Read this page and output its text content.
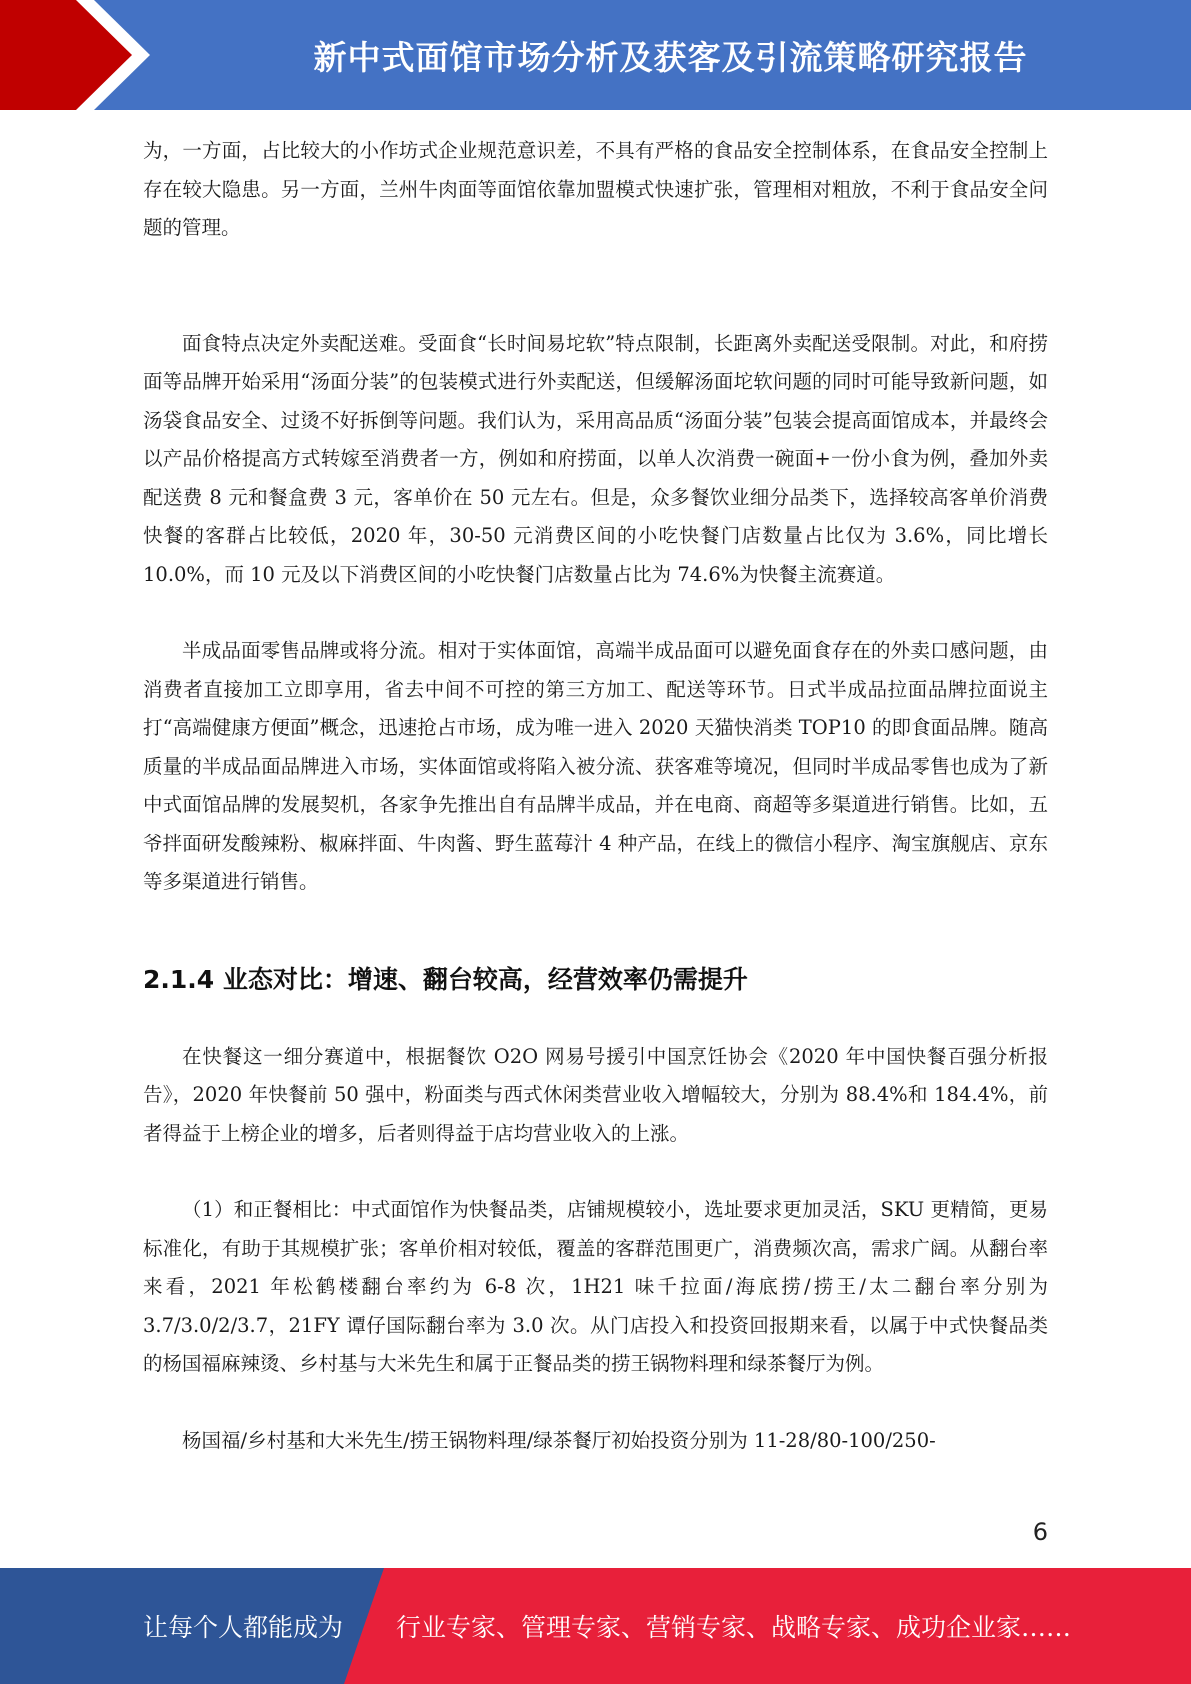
新中式面馆市场分析及获客及引流策略研究报告

为，一方面，占比较大的小作坊式企业规范意识差，不具有严格的食品安全控制体系，在食品安全控制上存在较大隐患。另一方面，兰州牛肉面等面馆依靠加盟模式快速扩张，管理相对粗放，不利于食品安全问题的管理。

面食特点决定外卖配送难。受面食“长时间易坨软”特点限制，长距离外卖配送受限制。对此，和府捞面等品牌开始采用“汤面分装”的包装模式进行外卖配送，但缓解汤面坨软问题的同时可能导致新问题，如汤袋食品安全、过烫不好拆倒等问题。我们认为，采用高品质“汤面分装”包装会提高面馆成本，并最终会以产品价格提高方式转嫁至消费者一方，例如和府捞面，以单人次消费一碗面+一份小食为例，叠加外卖配送费 8 元和餐盒费 3 元，客单价在 50 元左右。但是，众多餐饮业细分品类下，选择较高客单价消费快餐的客群占比较低，2020 年，30-50 元消费区间的小吃快餐门店数量占比仅为 3.6%，同比增长 10.0%，而 10 元及以下消费区间的小吃快餐门店数量占比为 74.6%为快餐主流赛道。

半成品面零售品牌或将分流。相对于实体面馆，高端半成品面可以避免面食存在的外卖口感问题，由消费者直接加工立即享用，省去中间不可控的第三方加工、配送等环节。日式半成品拉面品牌拉面说主打“高端健康方便面”概念，迅速抢占市场，成为唯一进入 2020 天猫快消类 TOP10 的即食面品牌。随高质量的半成品面品牌进入市场，实体面馆或将陷入被分流、获客难等境况，但同时半成品零售也成为了新中式面馆品牌的发展契机，各家争先推出自有品牌半成品，并在电商、商超等多渠道进行销售。比如，五爷拌面研发酸辣粉、椒麻拌面、牛肉酱、野生蓝莓汁 4 种产品，在线上的微信小程序、淘宝旗舰店、京东等多渠道进行销售。

2.1.4 业态对比：增速、翻台较高，经营效率仍需提升

在快餐这一细分赛道中，根据餐饮 O2O 网易号援引中国烹饪协会《2020 年中国快餐百强分析报告》，2020 年快餐前 50 强中，粉面类与西式休闲类营业收入增幅较大，分别为 88.4%和 184.4%，前者得益于上榜企业的增多，后者则得益于店均营业收入的上涨。

（1）和正餐相比：中式面馆作为快餐品类，店铺规模较小，选址要求更加灵活，SKU 更精简，更易标准化，有助于其规模扩张；客单价相对较低，覆盖的客群范围更广，消费频次高，需求广阔。从翻台率来看，2021 年松鹤楼翻台率约为 6-8 次，1H21 味千拉面/海底捞/捞王/太二翻台率分别为 3.7/3.0/2/3.7，21FY 谭仔国际翻台率为 3.0 次。从门店投入和投资回报期来看，以属于中式快餐品类的杨国福麻辣烫、乡村基与大米先生和属于正餐品类的捞王锅物料理和绿茶餐厅为例。

杨国福/乡村基和大米先生/捞王锅物料理/绿茶餐厅初始投资分别为 11-28/80-100/250-

6
让每个人都能成为 行业专家、管理专家、营销专家、战略专家、成功企业家……
